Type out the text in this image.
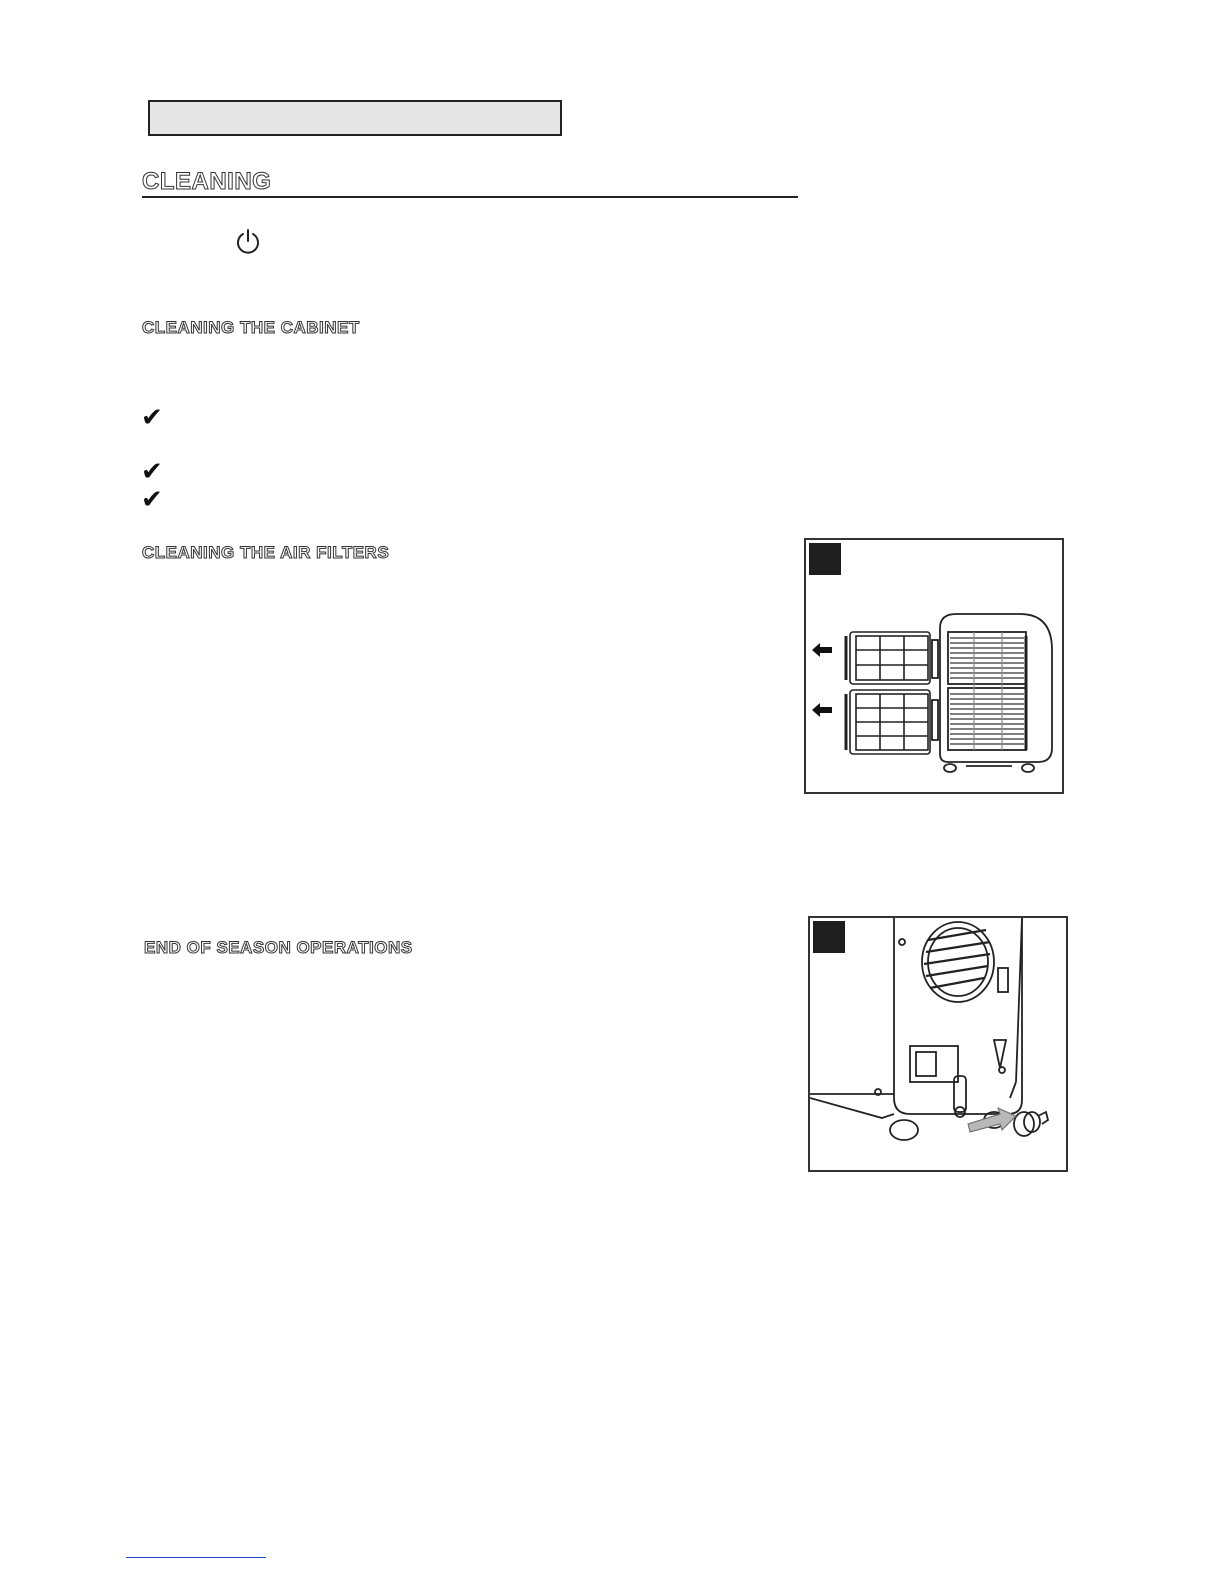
CLEANING
CLEANING THE CABINET
✔
✔
✔
CLEANING THE AIR FILTERS
END OF SEASON OPERATIONS
